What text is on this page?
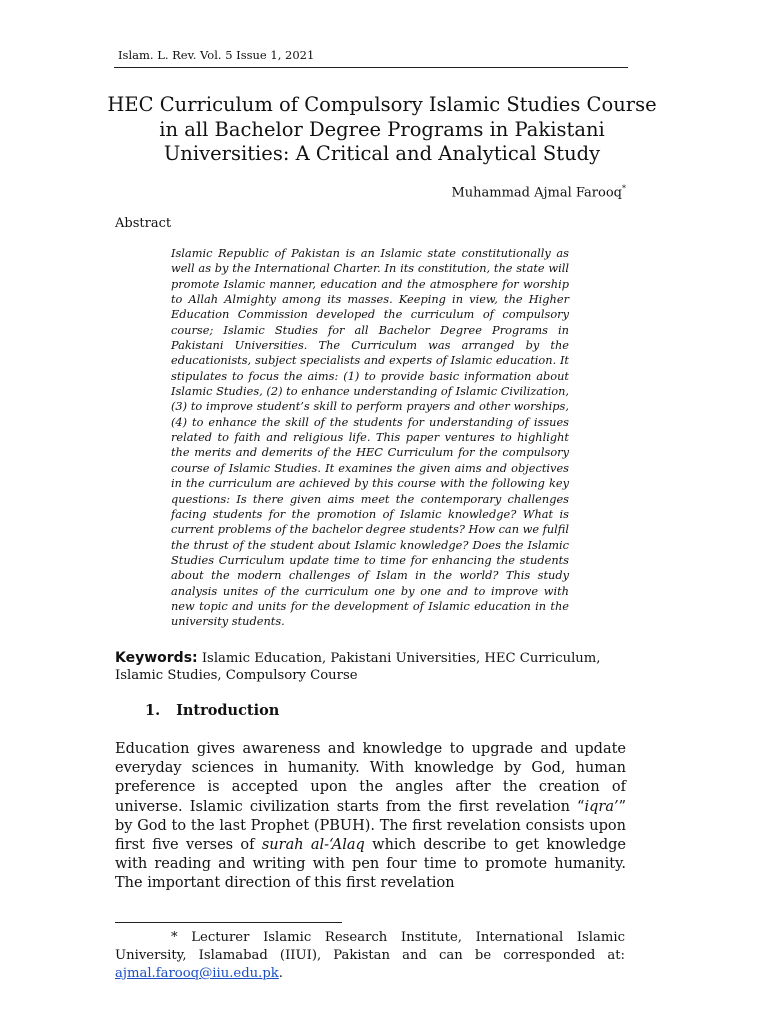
Islam. L. Rev. Vol. 5 Issue 1, 2021
HEC Curriculum of Compulsory Islamic Studies Course
in all Bachelor Degree Programs in Pakistani
Universities: A Critical and Analytical Study
Muhammad Ajmal Farooq*
Abstract

Islamic Republic of Pakistan is an Islamic state constitutionally as well as by the International Charter. In its constitution, the state will promote Islamic manner, education and the atmosphere for worship to Allah Almighty among its masses. Keeping in view, the Higher Education Commission developed the curriculum of compulsory course; Islamic Studies for all Bachelor Degree Programs in Pakistani Universities. The Curriculum was arranged by the educationists, subject specialists and experts of Islamic education. It stipulates to focus the aims: (1) to provide basic information about Islamic Studies, (2) to enhance understanding of Islamic Civilization, (3) to improve student’s skill to perform prayers and other worships, (4) to enhance the skill of the students for understanding of issues related to faith and religious life. This paper ventures to highlight the merits and demerits of the HEC Curriculum for the compulsory course of Islamic Studies. It examines the given aims and objectives in the curriculum are achieved by this course with the following key questions: Is there given aims meet the contemporary challenges facing students for the promotion of Islamic knowledge? What is current problems of the bachelor degree students? How can we fulfil the thrust of the student about Islamic knowledge? Does the Islamic Studies Curriculum update time to time for enhancing the students about the modern challenges of Islam in the world? This study analysis unites of the curriculum one by one and to improve with new topic and units for the development of Islamic education in the university students.

Keywords: Islamic Education, Pakistani Universities, HEC Curriculum, Islamic Studies, Compulsory Course
1. Introduction

Education gives awareness and knowledge to upgrade and update everyday sciences in humanity. With knowledge by God, human preference is accepted upon the angles after the creation of universe. Islamic civilization starts from the first revelation “iqra’” by God to the last Prophet (PBUH). The first revelation consists upon first five verses of surah al-‘Alaq which describe to get knowledge with reading and writing with pen four time to promote humanity. The important direction of this first revelation

* Lecturer Islamic Research Institute, International Islamic University, Islamabad (IIUI), Pakistan and can be corresponded at: ajmal.farooq@iiu.edu.pk.
